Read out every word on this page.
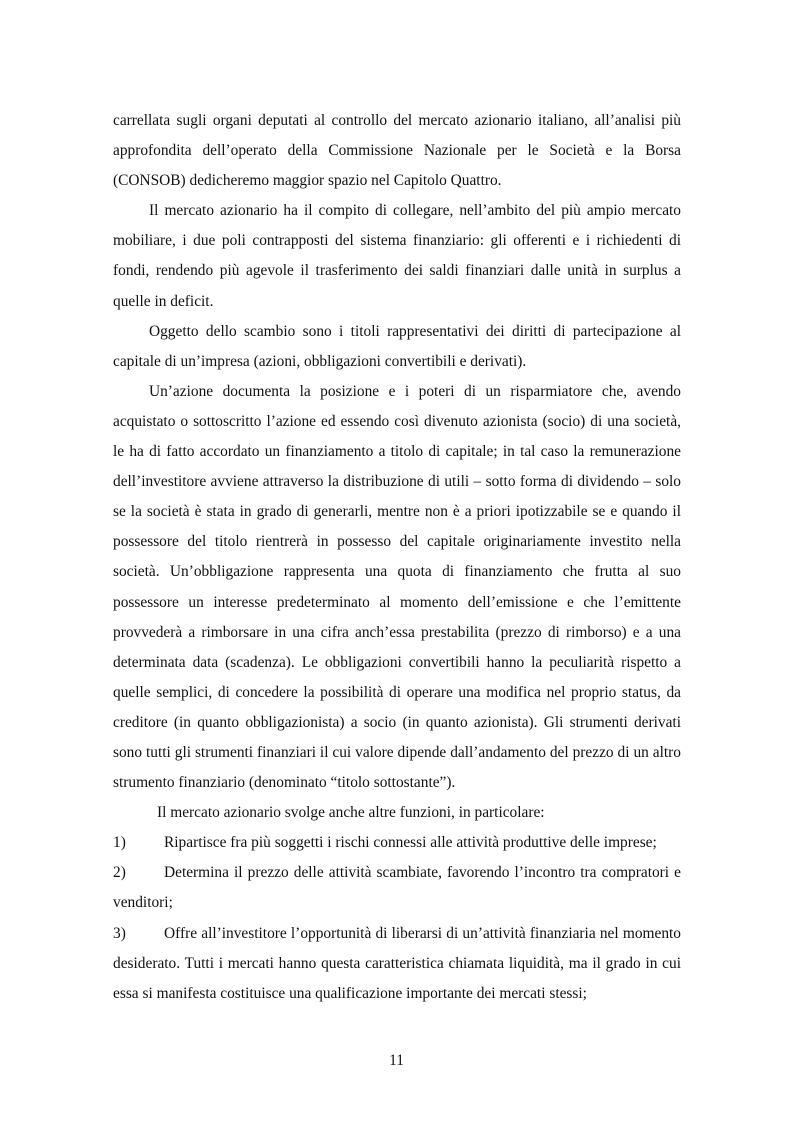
carrellata sugli organi deputati al controllo del mercato azionario italiano, all’analisi più approfondita dell’operato della Commissione Nazionale per le Società e la Borsa (CONSOB) dedicheremo maggior spazio nel Capitolo Quattro.

Il mercato azionario ha il compito di collegare, nell’ambito del più ampio mercato mobiliare, i due poli contrapposti del sistema finanziario: gli offerenti e i richiedenti di fondi, rendendo più agevole il trasferimento dei saldi finanziari dalle unità in surplus a quelle in deficit.

Oggetto dello scambio sono i titoli rappresentativi dei diritti di partecipazione al capitale di un’impresa (azioni, obbligazioni convertibili e derivati).

Un’azione documenta la posizione e i poteri di un risparmiatore che, avendo acquistato o sottoscritto l’azione ed essendo così divenuto azionista (socio) di una società, le ha di fatto accordato un finanziamento a titolo di capitale; in tal caso la remunerazione dell’investitore avviene attraverso la distribuzione di utili – sotto forma di dividendo – solo se la società è stata in grado di generarli, mentre non è a priori ipotizzabile se e quando il possessore del titolo rientrerà in possesso del capitale originariamente investito nella società. Un’obbligazione rappresenta una quota di finanziamento che frutta al suo possessore un interesse predeterminato al momento dell’emissione e che l’emittente provvederà a rimborsare in una cifra anch’essa prestabilita (prezzo di rimborso) e a una determinata data (scadenza). Le obbligazioni convertibili hanno la peculiarità rispetto a quelle semplici, di concedere la possibilità di operare una modifica nel proprio status, da creditore (in quanto obbligazionista) a socio (in quanto azionista). Gli strumenti derivati sono tutti gli strumenti finanziari il cui valore dipende dall’andamento del prezzo di un altro strumento finanziario (denominato “titolo sottostante”).

Il mercato azionario svolge anche altre funzioni, in particolare:

1) Ripartisce fra più soggetti i rischi connessi alle attività produttive delle imprese;

2) Determina il prezzo delle attività scambiate, favorendo l’incontro tra compratori e venditori;

3) Offre all’investitore l’opportunità di liberarsi di un’attività finanziaria nel momento desiderato. Tutti i mercati hanno questa caratteristica chiamata liquidità, ma il grado in cui essa si manifesta costituisce una qualificazione importante dei mercati stessi;

11
